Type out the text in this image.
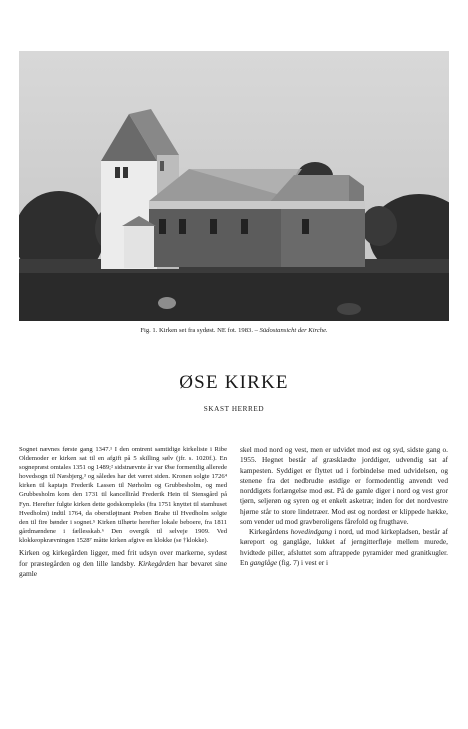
Fig. 1. Kirken set fra sydøst. NE fot. 1983. – Südostansicht der Kirche.
ØSE KIRKE
SKAST HERRED

Sognet nævnes første gang 1347.¹ I den omtrent samtidige kirkeliste i Ribe Oldemoder er kirken sat til en afgift på 5 skilling sølv (jfr. s. 1020f.). En sognepræst omtales 1351 og 1489;² sidstnævnte år var Øse formentlig allerede hovedsogn til Næsbjerg,³ og således har det været siden. Kronen solgte 1726⁴ kirken til kaptajn Frederik Lassen til Nørholm og Grubbesholm, og med Grubbesholm kom den 1731 til kancelliråd Frederik Hein til Stensgård på Fyn. Herefter fulgte kirken dette godskompleks (fra 1751 knyttet til stamhuset Hvedholm) indtil 1764, da oberstløjtnant Preben Brahe til Hvedholm solgte den til fire bønder i sognet.⁵ Kirken tilhørte herefter lokale beboere, fra 1811 gårdmændene i fællesskab.⁶ Den overgik til selveje 1909. Ved klokkeopkrævningen 1528⁷ måtte kirken afgive en klokke (se †klokke).

Kirken og kirkegården ligger, med frit udsyn over markerne, sydøst for præstegården og den lille landsby. Kirkegården har bevaret sine gamle

skel mod nord og vest, men er udvidet mod øst og syd, sidste gang o. 1955. Hegnet består af græsklædte jorddiger, udvendig sat af kampesten. Syddiget er flyttet ud i forbindelse med udvidelsen, og stenene fra det nedbrudte østdige er formodentlig anvendt ved norddigets forlængelse mod øst. På de gamle diger i nord og vest gror tjørn, seljerøn og syren og et enkelt asketræ; inden for det nordvestre hjørne står to store lindetræer. Mod øst og nordøst er klippede hække, som vender ud mod gravberoligens fårefold og frugthave.

Kirkegårdens hovedindgang i nord, ud mod kirkepladsen, består af køreport og ganglåge, lukket af jerngitterfløje mellem murede, hvidtede piller, afsluttet som aftrappede pyramider med granitkugler. En ganglåge (fig. 7) i vest er i
